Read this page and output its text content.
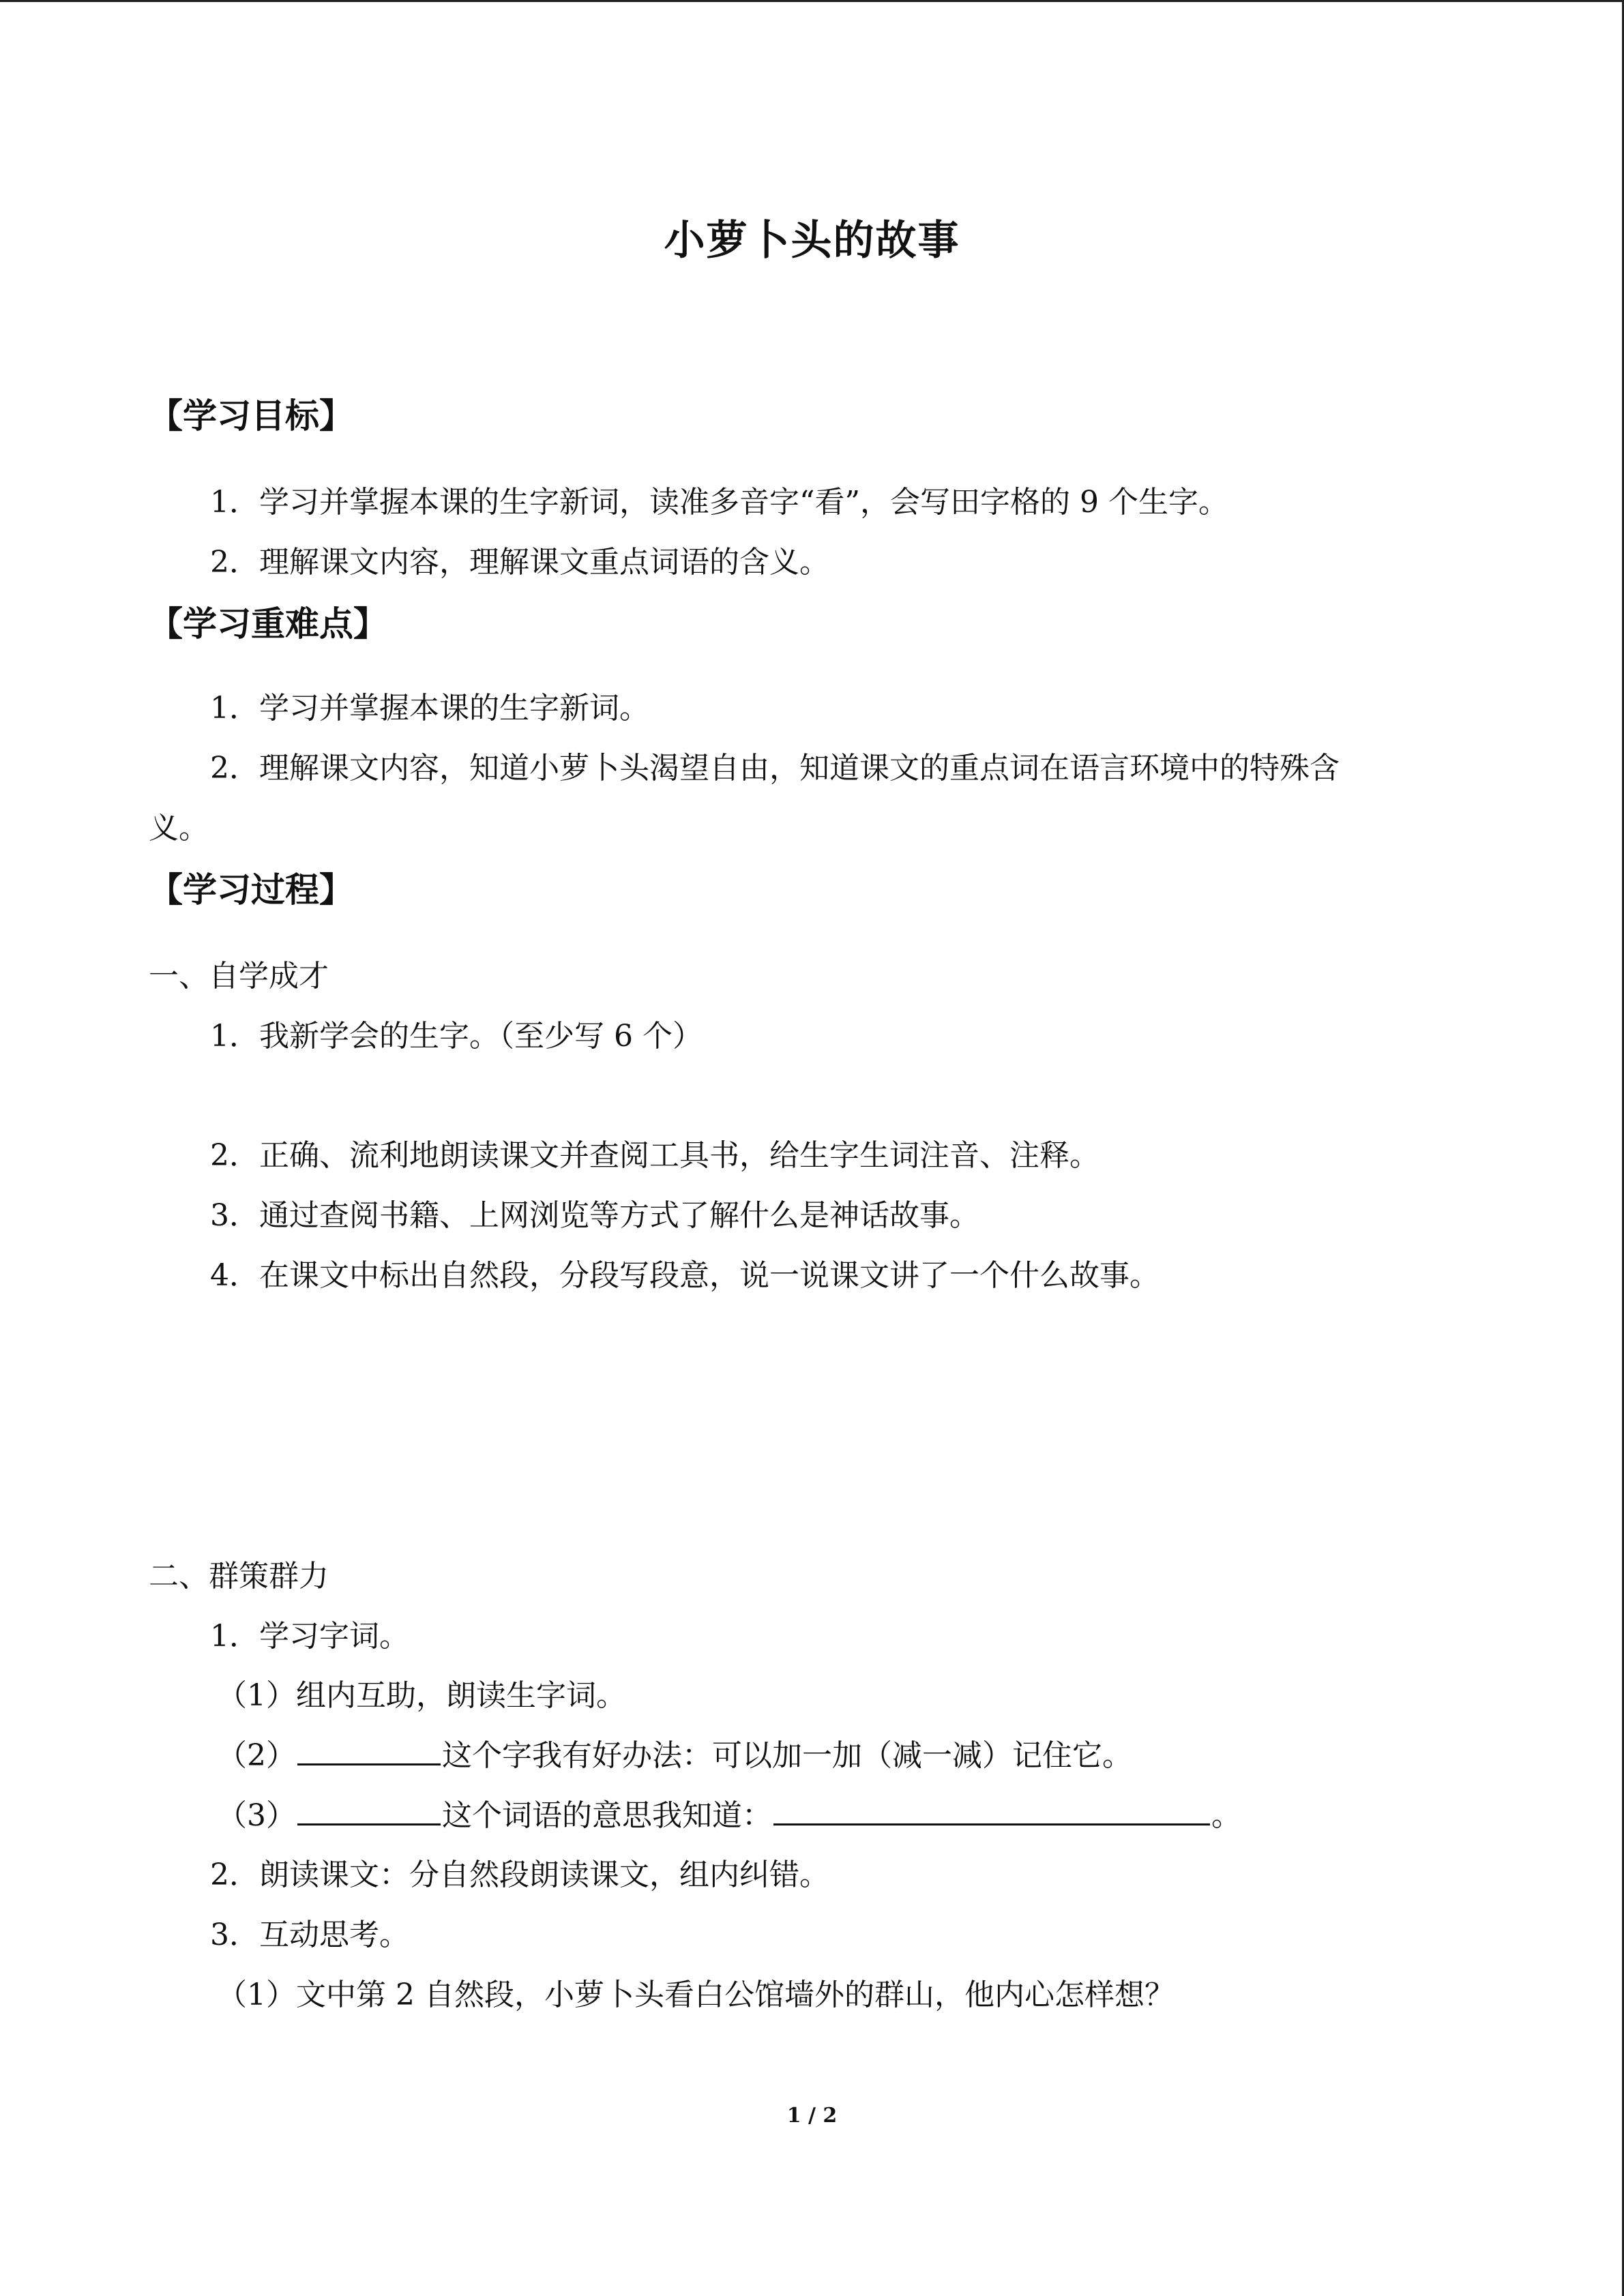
小萝卜头的故事
【学习目标】
1．学习并掌握本课的生字新词，读准多音字“看”，会写田字格的 9 个生字。
2．理解课文内容，理解课文重点词语的含义。
【学习重难点】
1．学习并掌握本课的生字新词。
2．理解课文内容，知道小萝卜头渴望自由，知道课文的重点词在语言环境中的特殊含
义。
【学习过程】
一、自学成才
1．我新学会的生字。（至少写 6 个）
2．正确、流利地朗读课文并查阅工具书，给生字生词注音、注释。
3．通过查阅书籍、上网浏览等方式了解什么是神话故事。
4．在课文中标出自然段，分段写段意，说一说课文讲了一个什么故事。
二、群策群力
1．学习字词。
（1）组内互助，朗读生字词。
（2）	这个字我有好办法：可以加一加（减一减）记住它。
（3）	这个词语的意思我知道：	。
2．朗读课文：分自然段朗读课文，组内纠错。
3．互动思考。
（1）文中第 2 自然段，小萝卜头看白公馆墙外的群山，他内心怎样想？
1 / 2
